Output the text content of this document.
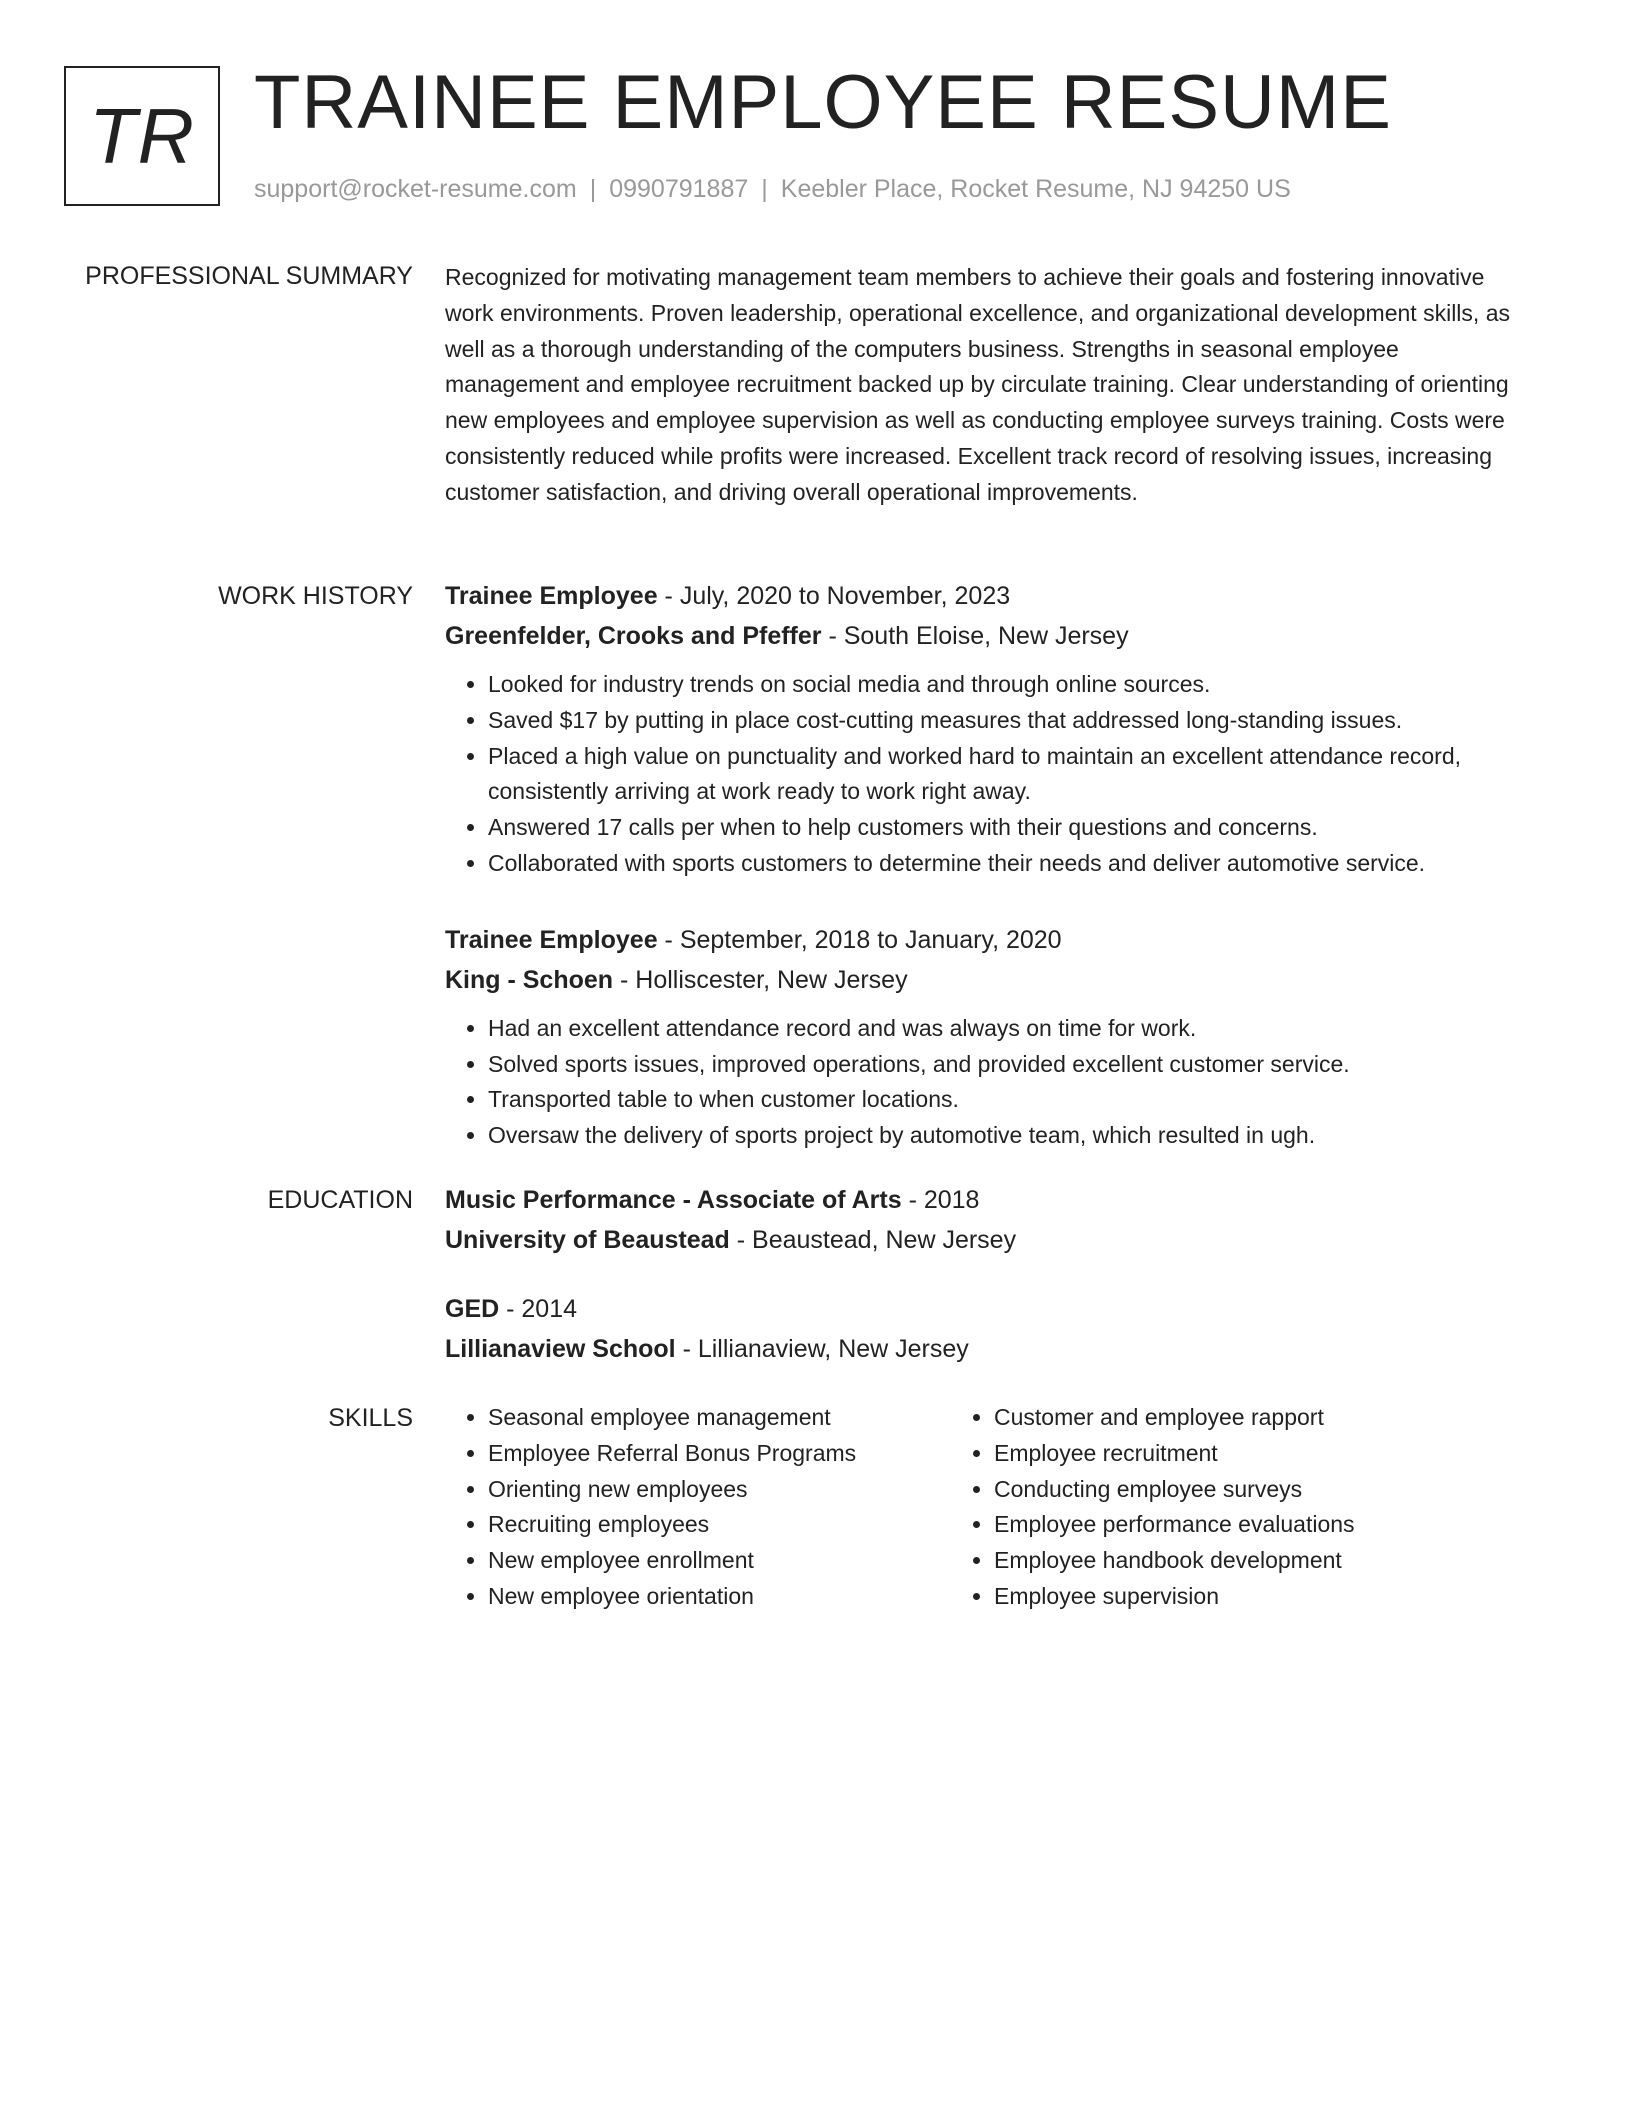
TR TRAINEE EMPLOYEE RESUME
support@rocket-resume.com | 0990791887 | Keebler Place, Rocket Resume, NJ 94250 US
PROFESSIONAL SUMMARY Recognized for motivating management team members to achieve their goals and fostering innovative work environments. Proven leadership, operational excellence, and organizational development skills, as well as a thorough understanding of the computers business. Strengths in seasonal employee management and employee recruitment backed up by circulate training. Clear understanding of orienting new employees and employee supervision as well as conducting employee surveys training. Costs were consistently reduced while profits were increased. Excellent track record of resolving issues, increasing customer satisfaction, and driving overall operational improvements.

WORK HISTORY Trainee Employee - July, 2020 to November, 2023
Greenfelder, Crooks and Pfeffer - South Eloise, New Jersey
• Looked for industry trends on social media and through online sources.
• Saved $17 by putting in place cost-cutting measures that addressed long-standing issues.
• Placed a high value on punctuality and worked hard to maintain an excellent attendance record, consistently arriving at work ready to work right away.
• Answered 17 calls per when to help customers with their questions and concerns.
• Collaborated with sports customers to determine their needs and deliver automotive service.
Trainee Employee - September, 2018 to January, 2020
King - Schoen - Holliscester, New Jersey
• Had an excellent attendance record and was always on time for work.
• Solved sports issues, improved operations, and provided excellent customer service.
• Transported table to when customer locations.
• Oversaw the delivery of sports project by automotive team, which resulted in ugh.
EDUCATION Music Performance - Associate of Arts - 2018
University of Beaustead - Beaustead, New Jersey
GED - 2014
Lillianaview School - Lillianaview, New Jersey
SKILLS
•	Seasonal employee management
• Employee Referral Bonus Programs
• Orienting new employees
• Recruiting employees
• New employee enrollment
• New employee orientation
• Customer and employee rapport
• Employee recruitment
• Conducting employee surveys
• Employee performance evaluations
• Employee handbook development
• Employee supervision
